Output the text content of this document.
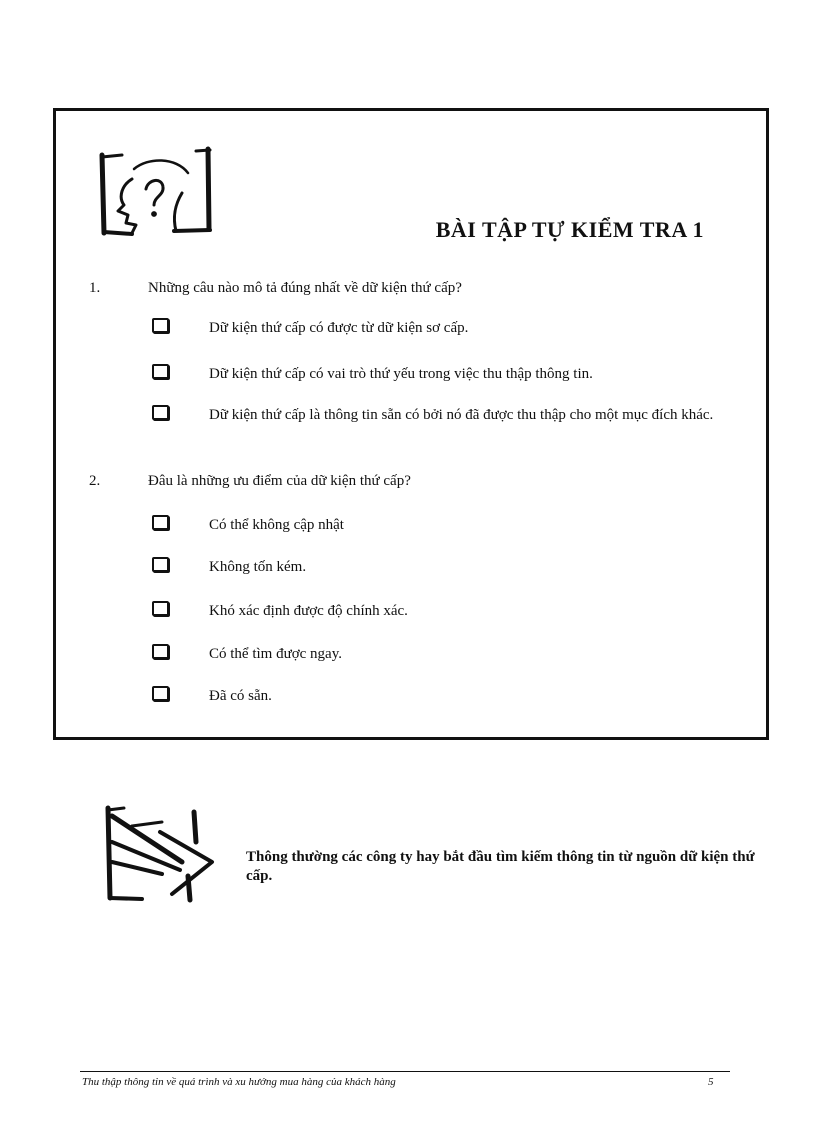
BÀI TẬP TỰ KIỂM TRA 1
1.	Những câu nào mô tả đúng nhất về dữ kiện thứ cấp?
Dữ kiện thứ cấp có được từ dữ kiện sơ cấp.
Dữ kiện thứ cấp có vai trò thứ yếu trong việc thu thập thông tin.
Dữ kiện thứ cấp là thông tin sẵn có bởi nó đã được thu thập cho một mục đích khác.
2.	Đâu là những ưu điểm của dữ kiện thứ cấp?
Có thể không cập nhật
Không tốn kém.
Khó xác định được độ chính xác.
Có thể tìm được ngay.
Đã có sẵn.

Thông thường các công ty hay bắt đầu tìm kiếm thông tin từ nguồn dữ kiện thứ cấp.

Thu thập thông tin về quá trình và xu hướng mua hàng của khách hàng	5
